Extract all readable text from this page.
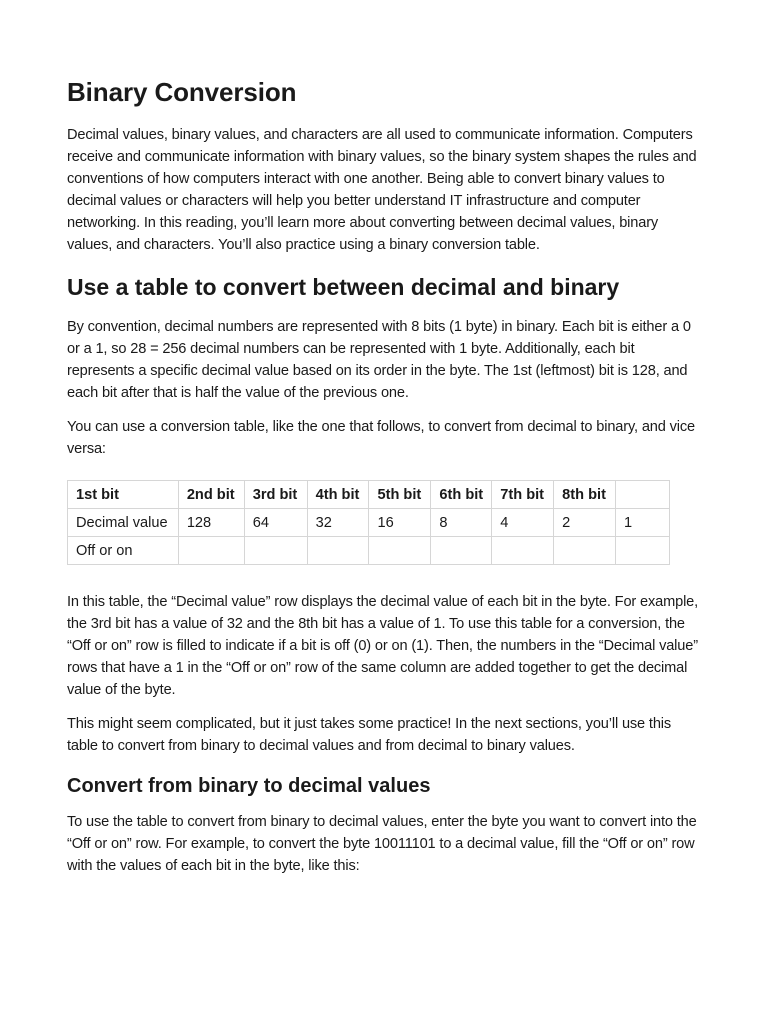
Binary Conversion

Decimal values, binary values, and characters are all used to communicate information. Computers receive and communicate information with binary values, so the binary system shapes the rules and conventions of how computers interact with one another. Being able to convert binary values to decimal values or characters will help you better understand IT infrastructure and computer networking. In this reading, you’ll learn more about converting between decimal values, binary values, and characters. You’ll also practice using a binary conversion table.

Use a table to convert between decimal and binary

By convention, decimal numbers are represented with 8 bits (1 byte) in binary. Each bit is either a 0 or a 1, so 28 = 256 decimal numbers can be represented with 1 byte. Additionally, each bit represents a specific decimal value based on its order in the byte. The 1st (leftmost) bit is 128, and each bit after that is half the value of the previous one.

You can use a conversion table, like the one that follows, to convert from decimal to binary, and vice versa:

1st bit	2nd bit	3rd bit	4th bit	5th bit	6th bit	7th bit	8th bit	
Decimal value	128	64	32	16	8	4	2	1
Off or on								

In this table, the “Decimal value” row displays the decimal value of each bit in the byte. For example, the 3rd bit has a value of 32 and the 8th bit has a value of 1. To use this table for a conversion, the “Off or on” row is filled to indicate if a bit is off (0) or on (1). Then, the numbers in the “Decimal value” rows that have a 1 in the “Off or on” row of the same column are added together to get the decimal value of the byte.

This might seem complicated, but it just takes some practice! In the next sections, you’ll use this table to convert from binary to decimal values and from decimal to binary values.

Convert from binary to decimal values

To use the table to convert from binary to decimal values, enter the byte you want to convert into the “Off or on” row. For example, to convert the byte 10011101 to a decimal value, fill the “Off or on” row with the values of each bit in the byte, like this:
